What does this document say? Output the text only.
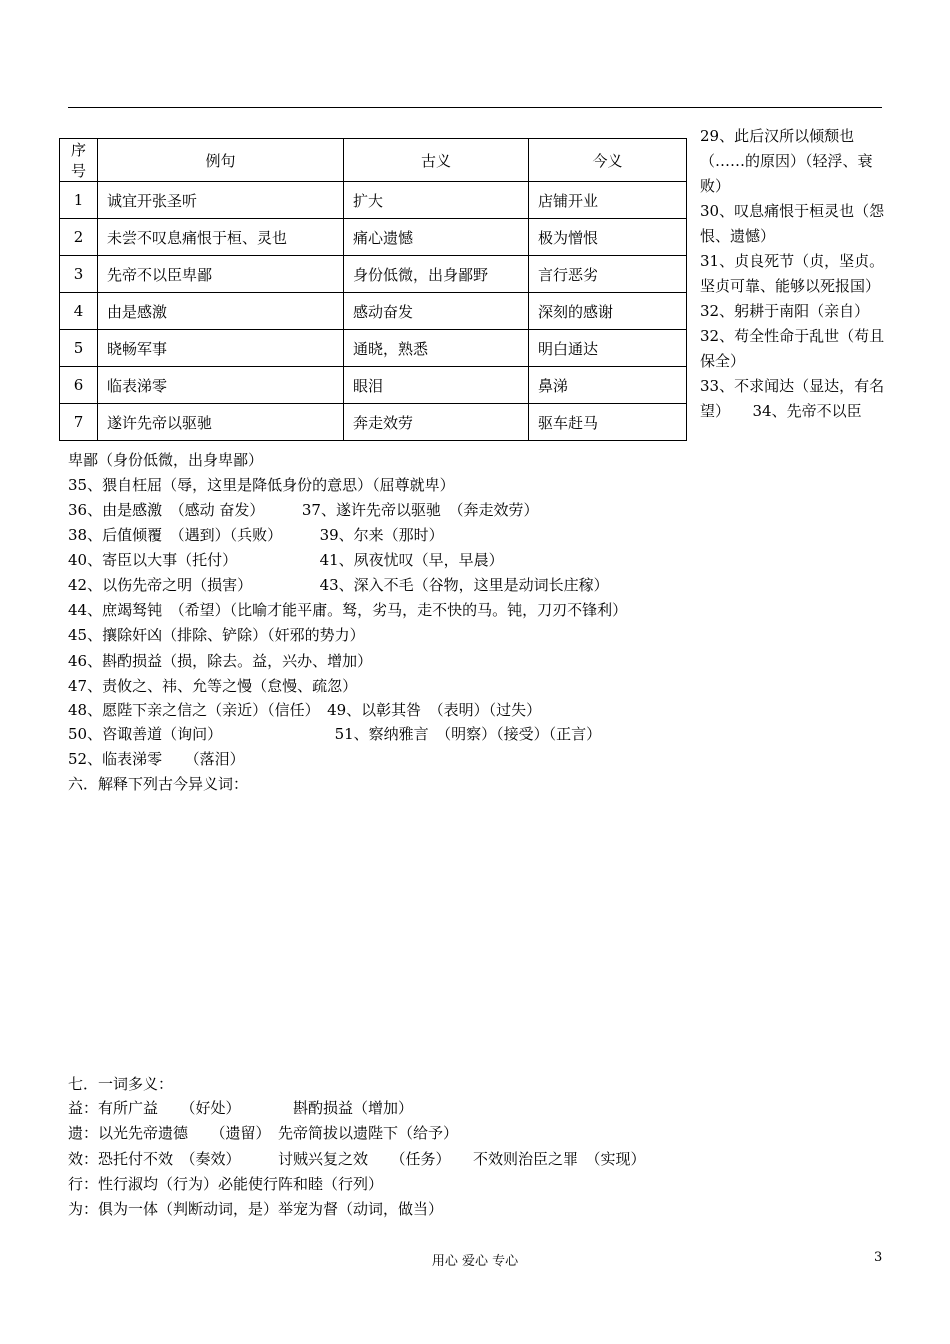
序号	例句	古义	今义
1	诚宜开张圣听	扩大	店铺开业
2	未尝不叹息痛恨于桓、灵也	痛心遗憾	极为憎恨
3	先帝不以臣卑鄙	身份低微，出身鄙野	言行恶劣
4	由是感激	感动奋发	深刻的感谢
5	晓畅军事	通晓，熟悉	明白通达
6	临表涕零	眼泪	鼻涕
7	遂许先帝以驱驰	奔走效劳	驱车赶马
29、此后汉所以倾颓也（……的原因）（轻浮、衰败）
30、叹息痛恨于桓灵也（怨恨、遗憾）
31、贞良死节（贞，坚贞。坚贞可靠、能够以死报国）
32、躬耕于南阳（亲自）
32、苟全性命于乱世（苟且保全）
33、不求闻达（显达，有名望）　　34、先帝不以臣
卑鄙（身份低微，出身卑鄙）
35、猥自枉屈（辱，这里是降低身份的意思）（屈尊就卑）
36、由是感激　（感动 奋发）　　　37、遂许先帝以驱驰　（奔走效劳）
38、后值倾覆　（遇到）（兵败）　　　39、尔来（那时）
40、寄臣以大事（托付）　　　　　　41、夙夜忧叹（早，早晨）
42、以伤先帝之明（损害）　　　　　43、深入不毛（谷物，这里是动词长庄稼）
44、庶竭驽钝　（希望）（比喻才能平庸。驽，劣马，走不快的马。钝，刀刃不锋利）
45、攘除奸凶（排除、铲除）（奸邪的势力）
46、斟酌损益（损，除去。益，兴办、增加）
47、责攸之、祎、允等之慢（怠慢、疏忽）
48、愿陛下亲之信之（亲近）（信任）　49、以彰其咎　（表明）（过失）
50、咨诹善道（询问）　　　　　　　　51、察纳雅言　（明察）（接受）（正言）
52、临表涕零　　（落泪）
六．解释下列古今异义词：
七．一词多义：
益：有所广益　　（好处）　　　　斟酌损益（增加）
遗：以光先帝遗德　　（遗留）　先帝简拔以遗陛下（给予）
效：恐托付不效　（奏效）　　　讨贼兴复之效　　（任务）　　不效则治臣之罪　（实现）
行：性行淑均（行为）必能使行阵和睦（行列）
为：俱为一体（判断动词，是）举宠为督（动词，做当）
用心 爱心 专心	3
